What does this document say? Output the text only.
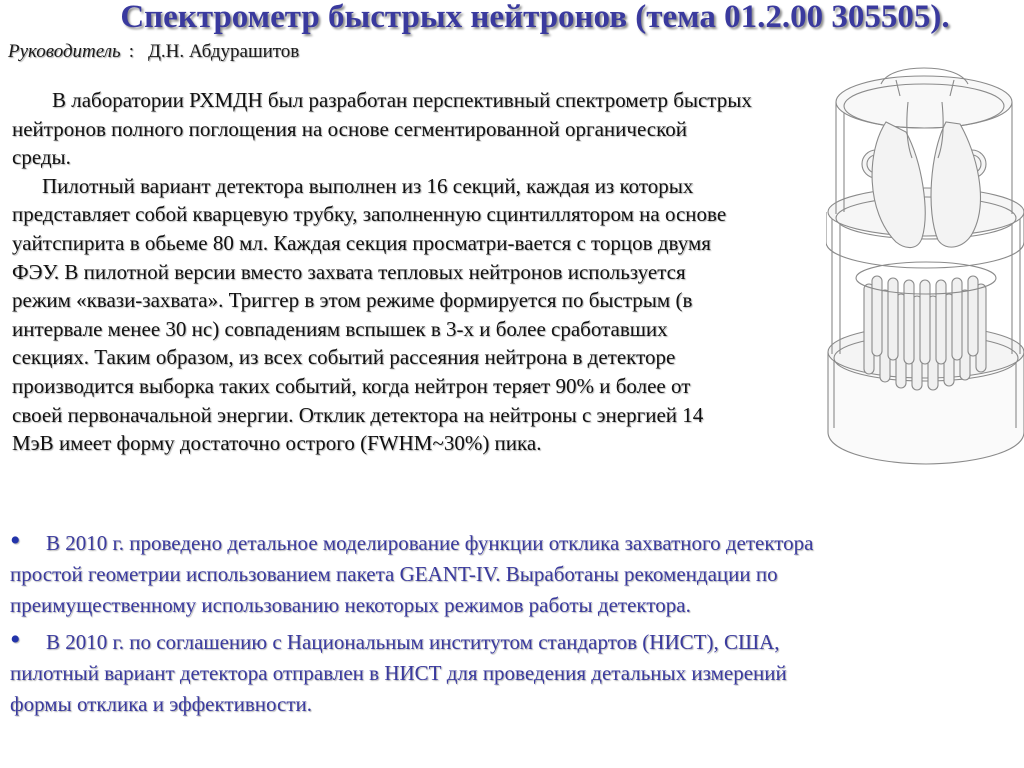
Спектрометр быстрых нейтронов (тема 01.2.00 305505).
Руководитель : Д.Н. Абдурашитов
В лаборатории РХМДН был разработан перспективный спектрометр быстрых
нейтронов полного поглощения на основе сегментированной органической
среды.
Пилотный вариант детектора выполнен из 16 секций, каждая из которых
представляет собой кварцевую трубку, заполненную сцинтиллятором на основе
уайтспирита в обьеме 80 мл. Каждая секция просматри-вается с торцов двумя
ФЭУ. В пилотной версии вместо захвата тепловых нейтронов используется
режим «квази-захвата». Триггер в этом режиме формируется по быстрым (в
интервале менее 30 нс) совпадениям вспышек в 3-х и более сработавших
секциях. Таким образом, из всех событий рассеяния нейтрона в детекторе
производится выборка таких событий, когда нейтрон теряет 90% и более от
своей первоначальной энергии. Отклик детектора на нейтроны с энергией 14
МэВ имеет форму достаточно острого (FWHM~30%) пика.
• В 2010 г. проведено детальное моделирование функции отклика захватного детектора
простой геометрии использованием пакета GEANT-IV. Выработаны рекомендации по
преимущественному использованию некоторых режимов работы детектора.
• В 2010 г. по соглашению с Национальным институтом стандартов (НИСТ), США,
пилотный вариант детектора отправлен в НИСТ для проведения детальных измерений
формы отклика и эффективности.
